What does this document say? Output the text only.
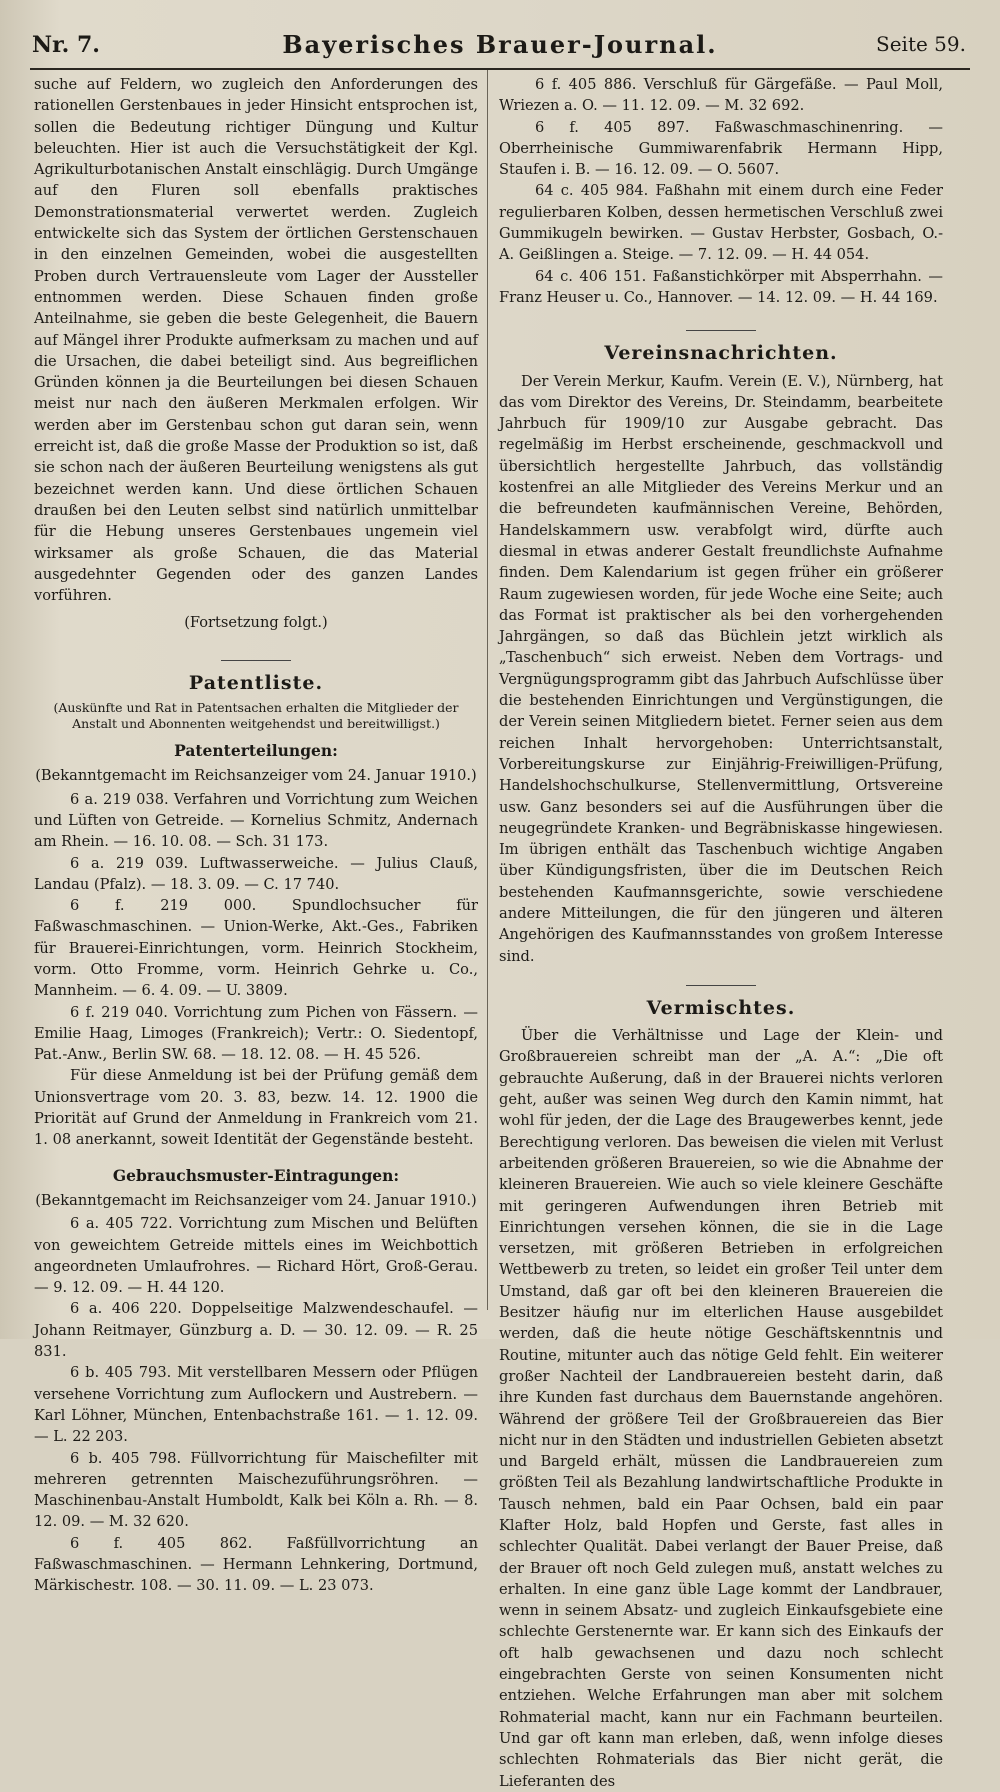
Nr. 7.	Bayerisches Brauer-Journal.	Seite 59.

suche auf Feldern, wo zugleich den Anforderungen des rationellen Gerstenbaues in jeder Hinsicht entsprochen ist, sollen die Bedeutung richtiger Düngung und Kultur beleuchten. Hier ist auch die Versuchstätigkeit der Kgl. Agrikulturbotanischen Anstalt einschlägig. Durch Umgänge auf den Fluren soll ebenfalls praktisches Demonstrationsmaterial verwertet werden. Zugleich entwickelte sich das System der örtlichen Gerstenschauen in den einzelnen Gemeinden, wobei die ausgestellten Proben durch Vertrauensleute vom Lager der Aussteller entnommen werden. Diese Schauen finden große Anteilnahme, sie geben die beste Gelegenheit, die Bauern auf Mängel ihrer Produkte aufmerksam zu machen und auf die Ursachen, die dabei beteiligt sind. Aus begreiflichen Gründen können ja die Beurteilungen bei diesen Schauen meist nur nach den äußeren Merkmalen erfolgen. Wir werden aber im Gerstenbau schon gut daran sein, wenn erreicht ist, daß die große Masse der Produktion so ist, daß sie schon nach der äußeren Beurteilung wenigstens als gut bezeichnet werden kann. Und diese örtlichen Schauen draußen bei den Leuten selbst sind natürlich unmittelbar für die Hebung unseres Gerstenbaues ungemein viel wirksamer als große Schauen, die das Material ausgedehnter Gegenden oder des ganzen Landes vorführen.

(Fortsetzung folgt.)

Patentliste.

(Auskünfte und Rat in Patentsachen erhalten die Mitglieder der Anstalt und Abonnenten weitgehendst und bereitwilligst.)

Patenterteilungen:

(Bekanntgemacht im Reichsanzeiger vom 24. Januar 1910.)

6 a. 219 038. Verfahren und Vorrichtung zum Weichen und Lüften von Getreide. — Kornelius Schmitz, Andernach am Rhein. — 16. 10. 08. — Sch. 31 173.

6 a. 219 039. Luftwasserweiche. — Julius Clauß, Landau (Pfalz). — 18. 3. 09. — C. 17 740.

6 f. 219 000. Spundlochsucher für Faßwaschmaschinen. — Union-Werke, Akt.-Ges., Fabriken für Brauerei-Einrichtungen, vorm. Heinrich Stockheim, vorm. Otto Fromme, vorm. Heinrich Gehrke u. Co., Mannheim. — 6. 4. 09. — U. 3809.

6 f. 219 040. Vorrichtung zum Pichen von Fässern. — Emilie Haag, Limoges (Frankreich); Vertr.: O. Siedentopf, Pat.-Anw., Berlin SW. 68. — 18. 12. 08. — H. 45 526.

Für diese Anmeldung ist bei der Prüfung gemäß dem Unionsvertrage vom 20. 3. 83, bezw. 14. 12. 1900 die Priorität auf Grund der Anmeldung in Frankreich vom 21. 1. 08 anerkannt, soweit Identität der Gegenstände besteht.

Gebrauchsmuster-Eintragungen:

(Bekanntgemacht im Reichsanzeiger vom 24. Januar 1910.)

6 a. 405 722. Vorrichtung zum Mischen und Belüften von geweichtem Getreide mittels eines im Weichbottich angeordneten Umlaufrohres. — Richard Hört, Groß-Gerau. — 9. 12. 09. — H. 44 120.

6 a. 406 220. Doppelseitige Malzwendeschaufel. — Johann Reitmayer, Günzburg a. D. — 30. 12. 09. — R. 25 831.

6 b. 405 793. Mit verstellbaren Messern oder Pflügen versehene Vorrichtung zum Auflockern und Austrebern. — Karl Löhner, München, Entenbachstraße 161. — 1. 12. 09. — L. 22 203.

6 b. 405 798. Füllvorrichtung für Maischefilter mit mehreren getrennten Maischezuführungsröhren. — Maschinenbau-Anstalt Humboldt, Kalk bei Köln a. Rh. — 8. 12. 09. — M. 32 620.

6 f. 405 862. Faßfüllvorrichtung an Faßwaschmaschinen. — Hermann Lehnkering, Dortmund, Märkischestr. 108. — 30. 11. 09. — L. 23 073.

6 f. 405 886. Verschluß für Gärgefäße. — Paul Moll, Wriezen a. O. — 11. 12. 09. — M. 32 692.

6 f. 405 897. Faßwaschmaschinenring. — Oberrheinische Gummiwarenfabrik Hermann Hipp, Staufen i. B. — 16. 12. 09. — O. 5607.

64 c. 405 984. Faßhahn mit einem durch eine Feder regulierbaren Kolben, dessen hermetischen Verschluß zwei Gummikugeln bewirken. — Gustav Herbster, Gosbach, O.-A. Geißlingen a. Steige. — 7. 12. 09. — H. 44 054.

64 c. 406 151. Faßanstichkörper mit Absperrhahn. — Franz Heuser u. Co., Hannover. — 14. 12. 09. — H. 44 169.

Vereinsnachrichten.

Der Verein Merkur, Kaufm. Verein (E. V.), Nürnberg, hat das vom Direktor des Vereins, Dr. Steindamm, bearbeitete Jahrbuch für 1909/10 zur Ausgabe gebracht. Das regelmäßig im Herbst erscheinende, geschmackvoll und übersichtlich hergestellte Jahrbuch, das vollständig kostenfrei an alle Mitglieder des Vereins Merkur und an die befreundeten kaufmännischen Vereine, Behörden, Handelskammern usw. verabfolgt wird, dürfte auch diesmal in etwas anderer Gestalt freundlichste Aufnahme finden. Dem Kalendarium ist gegen früher ein größerer Raum zugewiesen worden, für jede Woche eine Seite; auch das Format ist praktischer als bei den vorhergehenden Jahrgängen, so daß das Büchlein jetzt wirklich als „Taschenbuch“ sich erweist. Neben dem Vortrags- und Vergnügungsprogramm gibt das Jahrbuch Aufschlüsse über die bestehenden Einrichtungen und Vergünstigungen, die der Verein seinen Mitgliedern bietet. Ferner seien aus dem reichen Inhalt hervorgehoben: Unterrichtsanstalt, Vorbereitungskurse zur Einjährig-Freiwilligen-Prüfung, Handelshochschulkurse, Stellenvermittlung, Ortsvereine usw. Ganz besonders sei auf die Ausführungen über die neugegründete Kranken- und Begräbniskasse hingewiesen. Im übrigen enthält das Taschenbuch wichtige Angaben über Kündigungsfristen, über die im Deutschen Reich bestehenden Kaufmannsgerichte, sowie verschiedene andere Mitteilungen, die für den jüngeren und älteren Angehörigen des Kaufmannsstandes von großem Interesse sind.

Vermischtes.

Über die Verhältnisse und Lage der Klein- und Großbrauereien schreibt man der „A. A.“: „Die oft gebrauchte Außerung, daß in der Brauerei nichts verloren geht, außer was seinen Weg durch den Kamin nimmt, hat wohl für jeden, der die Lage des Braugewerbes kennt, jede Berechtigung verloren. Das beweisen die vielen mit Verlust arbeitenden größeren Brauereien, so wie die Abnahme der kleineren Brauereien. Wie auch so viele kleinere Geschäfte mit geringeren Aufwendungen ihren Betrieb mit Einrichtungen versehen können, die sie in die Lage versetzen, mit größeren Betrieben in erfolgreichen Wettbewerb zu treten, so leidet ein großer Teil unter dem Umstand, daß gar oft bei den kleineren Brauereien die Besitzer häufig nur im elterlichen Hause ausgebildet werden, daß die heute nötige Geschäftskenntnis und Routine, mitunter auch das nötige Geld fehlt. Ein weiterer großer Nachteil der Landbrauereien besteht darin, daß ihre Kunden fast durchaus dem Bauernstande angehören. Während der größere Teil der Großbrauereien das Bier nicht nur in den Städten und industriellen Gebieten absetzt und Bargeld erhält, müssen die Landbrauereien zum größten Teil als Bezahlung landwirtschaftliche Produkte in Tausch nehmen, bald ein Paar Ochsen, bald ein paar Klafter Holz, bald Hopfen und Gerste, fast alles in schlechter Qualität. Dabei verlangt der Bauer Preise, daß der Brauer oft noch Geld zulegen muß, anstatt welches zu erhalten. In eine ganz üble Lage kommt der Landbrauer, wenn in seinem Absatz- und zugleich Einkaufsgebiete eine schlechte Gerstenernte war. Er kann sich des Einkaufs der oft halb gewachsenen und dazu noch schlecht eingebrachten Gerste von seinen Konsumenten nicht entziehen. Welche Erfahrungen man aber mit solchem Rohmaterial macht, kann nur ein Fachmann beurteilen. Und gar oft kann man erleben, daß, wenn infolge dieses schlechten Rohmaterials das Bier nicht gerät, die Lieferanten des
